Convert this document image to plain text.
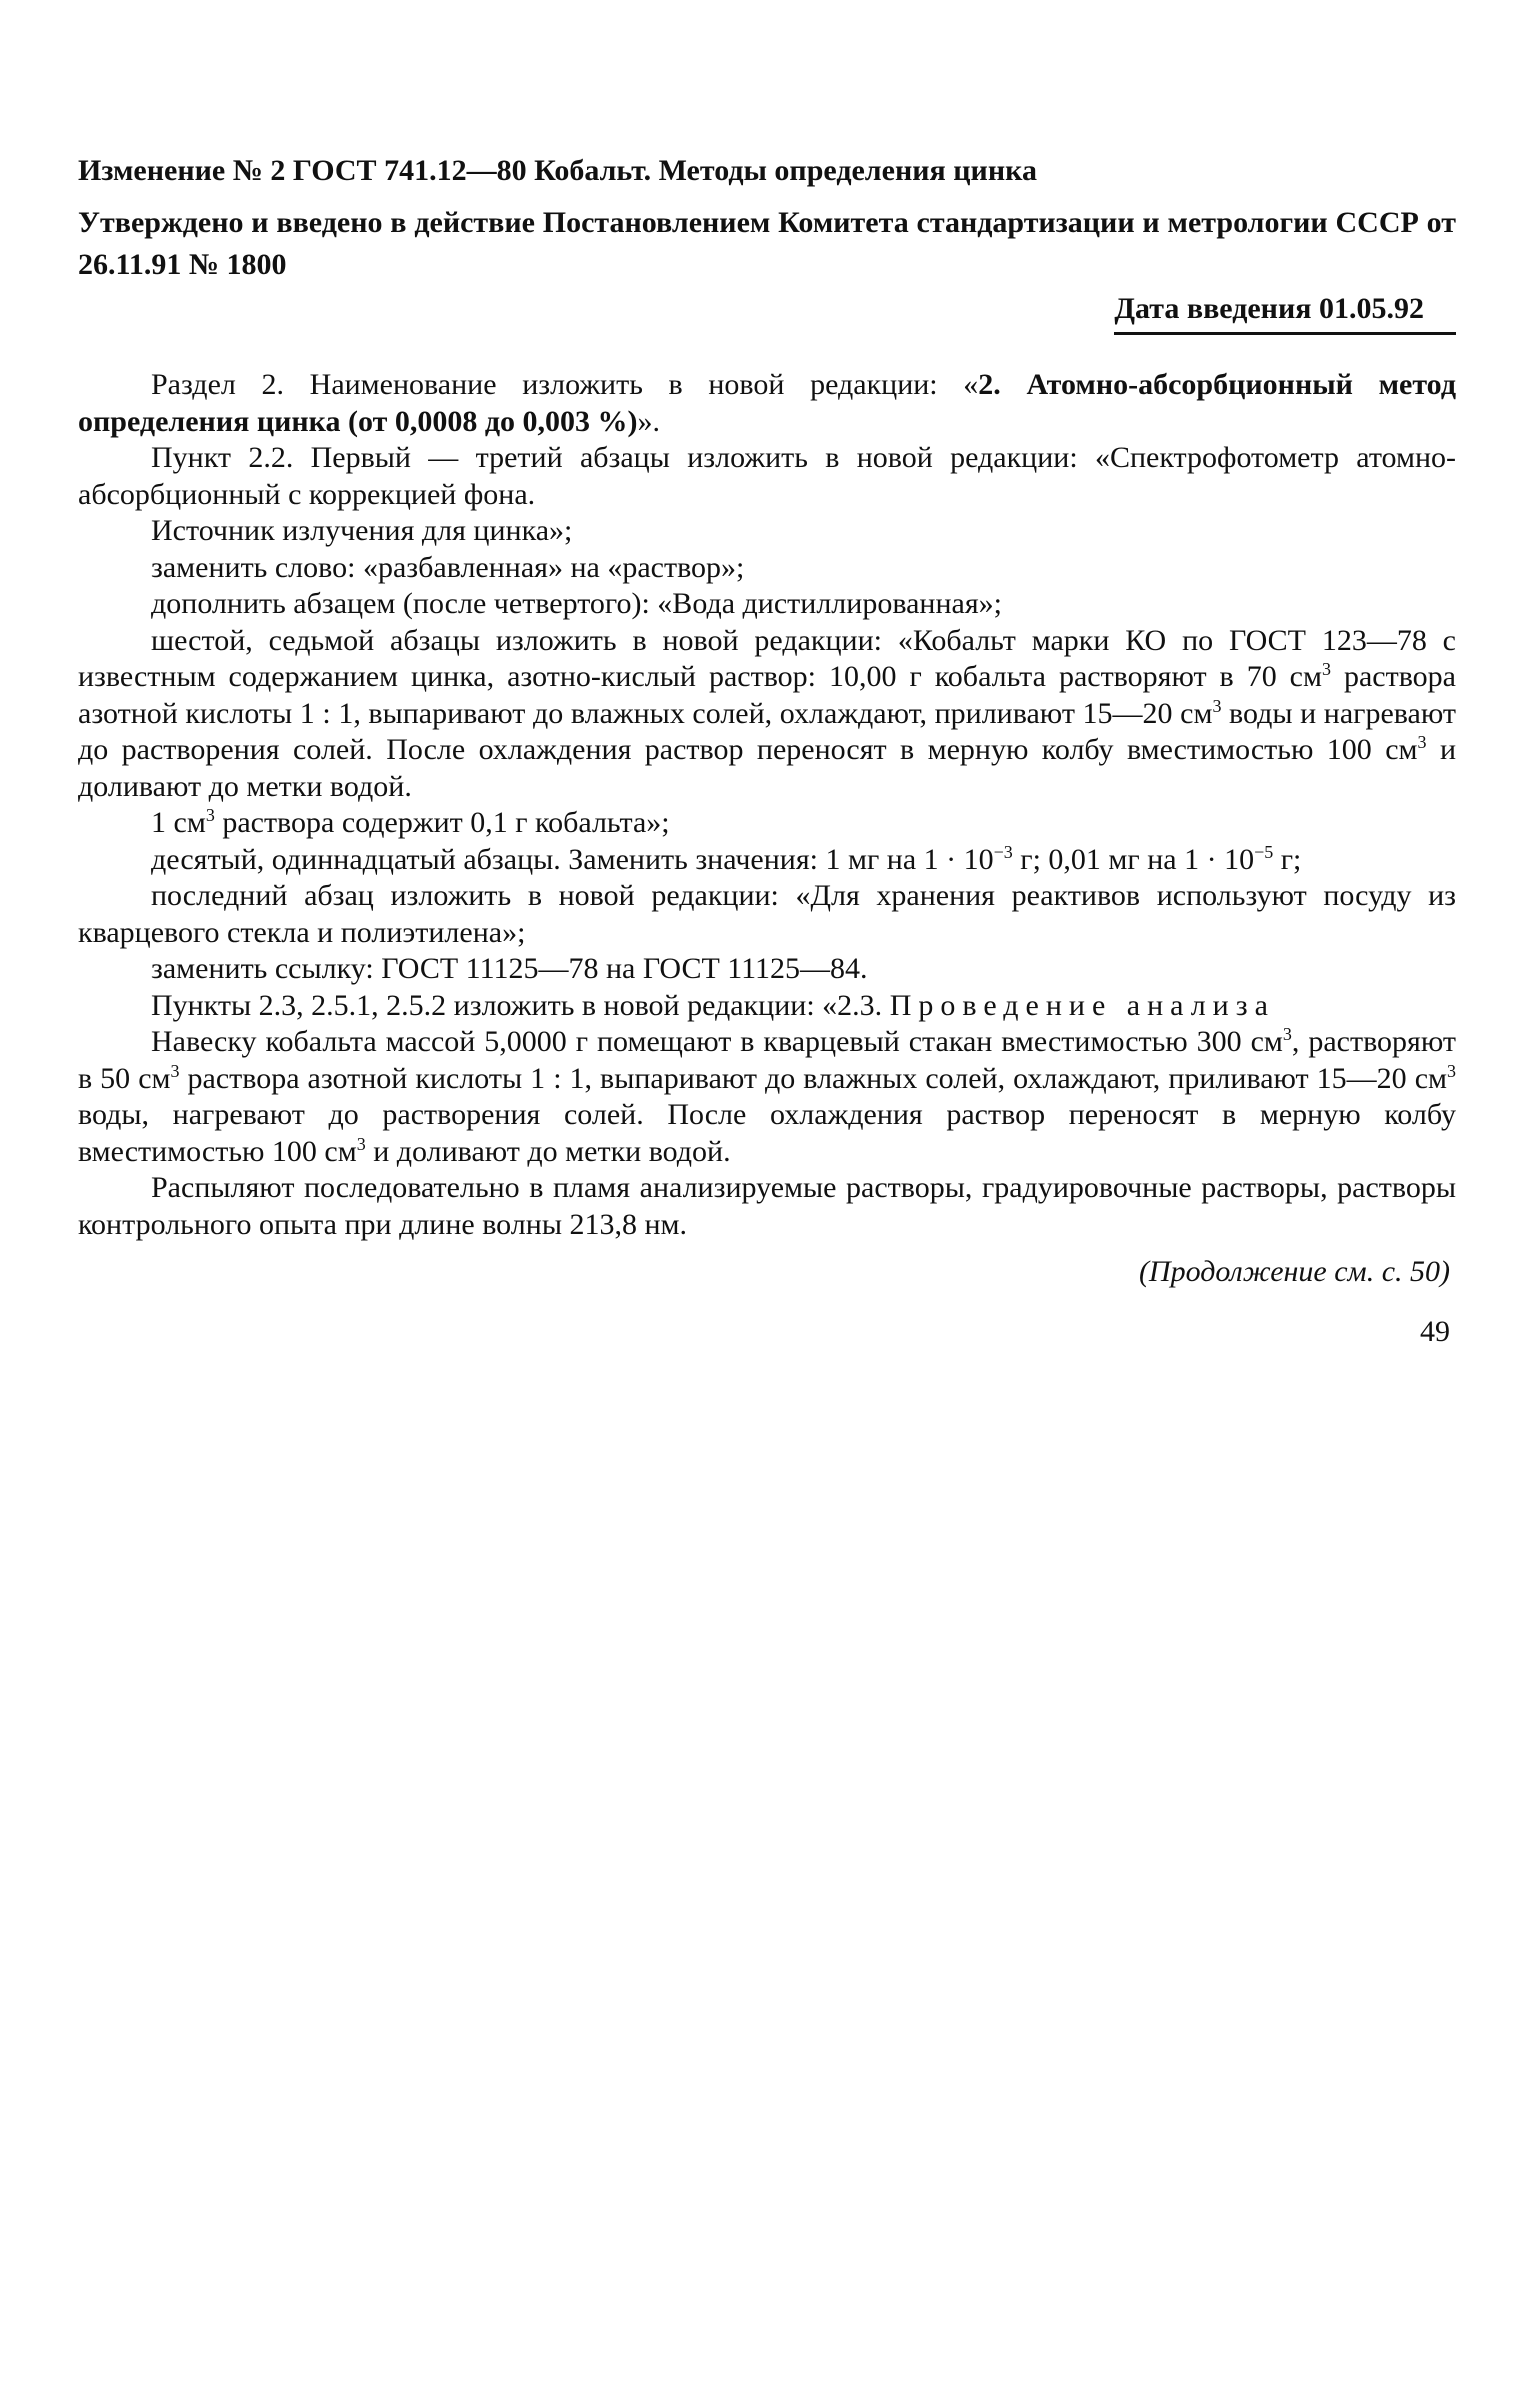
Изменение № 2 ГОСТ 741.12—80 Кобальт. Методы определения цинка
Утверждено и введено в действие Постановлением Комитета стандартизации и метрологии СССР от 26.11.91 № 1800
Дата введения 01.05.92

Раздел 2. Наименование изложить в новой редакции: «2. Атомно-абсорбционный метод определения цинка (от 0,0008 до 0,003 %)».

Пункт 2.2. Первый — третий абзацы изложить в новой редакции: «Спектрофотометр атомно-абсорбционный с коррекцией фона.

Источник излучения для цинка»;

заменить слово: «разбавленная» на «раствор»;

дополнить абзацем (после четвертого): «Вода дистиллированная»;

шестой, седьмой абзацы изложить в новой редакции: «Кобальт марки КО по ГОСТ 123—78 с известным содержанием цинка, азотно-кислый раствор: 10,00 г кобальта растворяют в 70 $см^3$ раствора азотной кислоты 1 : 1, выпаривают до влажных солей, охлаждают, приливают 15—20 $см^3$ воды и нагревают до растворения солей. После охлаждения раствор переносят в мерную колбу вместимостью 100 $см^3$ и доливают до метки водой.

1 $см^3$ раствора содержит 0,1 г кобальта»;

десятый, одиннадцатый абзацы. Заменить значения: 1 мг на $1 \cdot 10^{-3}$ г; 0,01 мг на $1 \cdot 10^{-5}$ г;

последний абзац изложить в новой редакции: «Для хранения реактивов используют посуду из кварцевого стекла и полиэтилена»;

заменить ссылку: ГОСТ 11125—78 на ГОСТ 11125—84.

Пункты 2.3, 2.5.1, 2.5.2 изложить в новой редакции: «2.3. Проведение анализа

Навеску кобальта массой 5,0000 г помещают в кварцевый стакан вместимостью 300 $см^3$, растворяют в 50 $см^3$ раствора азотной кислоты 1 : 1, выпаривают до влажных солей, охлаждают, приливают 15—20 $см^3$ воды, нагревают до растворения солей. После охлаждения раствор переносят в мерную колбу вместимостью 100 $см^3$ и доливают до метки водой.

Распыляют последовательно в пламя анализируемые растворы, градуировочные растворы, растворы контрольного опыта при длине волны 213,8 нм.

(Продолжение см. с. 50)
49
